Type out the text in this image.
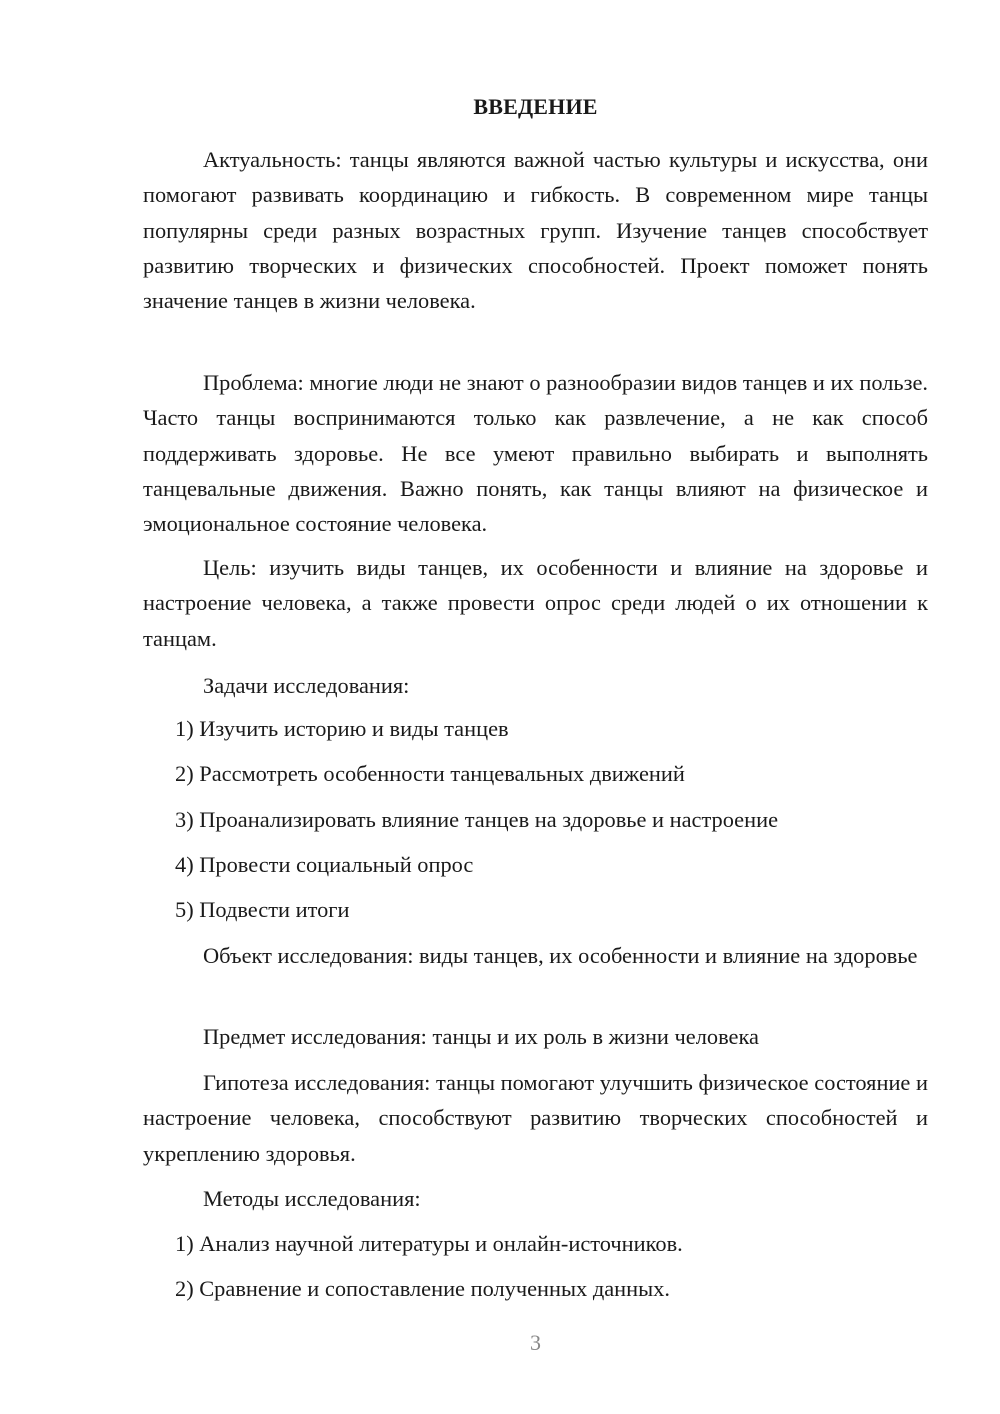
ВВЕДЕНИЕ

Актуальность: танцы являются важной частью культуры и искусства, они помогают развивать координацию и гибкость. В современном мире танцы популярны среди разных возрастных групп. Изучение танцев способствует развитию творческих и физических способностей. Проект поможет понять значение танцев в жизни человека.

Проблема: многие люди не знают о разнообразии видов танцев и их пользе. Часто танцы воспринимаются только как развлечение, а не как способ поддерживать здоровье. Не все умеют правильно выбирать и выполнять танцевальные движения. Важно понять, как танцы влияют на физическое и эмоциональное состояние человека.

Цель: изучить виды танцев, их особенности и влияние на здоровье и настроение человека, а также провести опрос среди людей о их отношении к танцам.

Задачи исследования:

1) Изучить историю и виды танцев
2) Рассмотреть особенности танцевальных движений
3) Проанализировать влияние танцев на здоровье и настроение
4) Провести социальный опрос
5) Подвести итоги

Объект исследования: виды танцев, их особенности и влияние на здоровье

Предмет исследования: танцы и их роль в жизни человека

Гипотеза исследования: танцы помогают улучшить физическое состояние и настроение человека, способствуют развитию творческих способностей и укреплению здоровья.

Методы исследования:

1) Анализ научной литературы и онлайн-источников.
2) Сравнение и сопоставление полученных данных.
3
